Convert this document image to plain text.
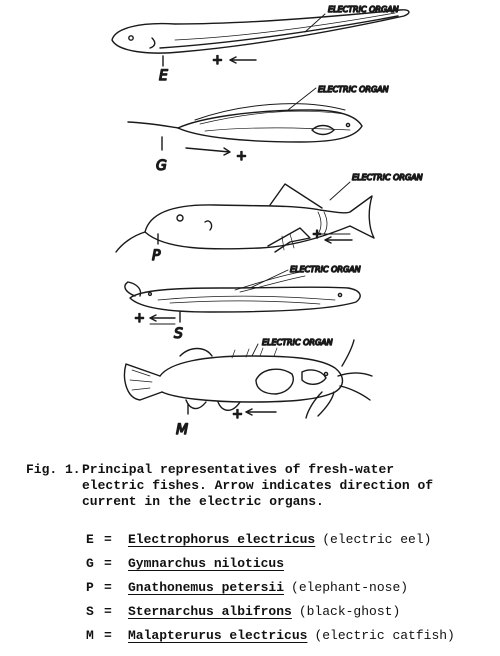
ELECTRIC ORGAN
E
+
ELECTRIC ORGAN
G
+
ELECTRIC ORGAN
P
+
ELECTRIC ORGAN
S
+
ELECTRIC ORGAN
M
+
Fig. 1. Principal representatives of fresh-water
electric fishes. Arrow indicates direction of
current in the electric organs.
E =	Electrophorus electricus (electric eel)
G =	Gymnarchus niloticus
P =	Gnathonemus petersii (elephant-nose)
S =	Sternarchus albifrons (black-ghost)
M =	Malapterurus electricus (electric catfish)
